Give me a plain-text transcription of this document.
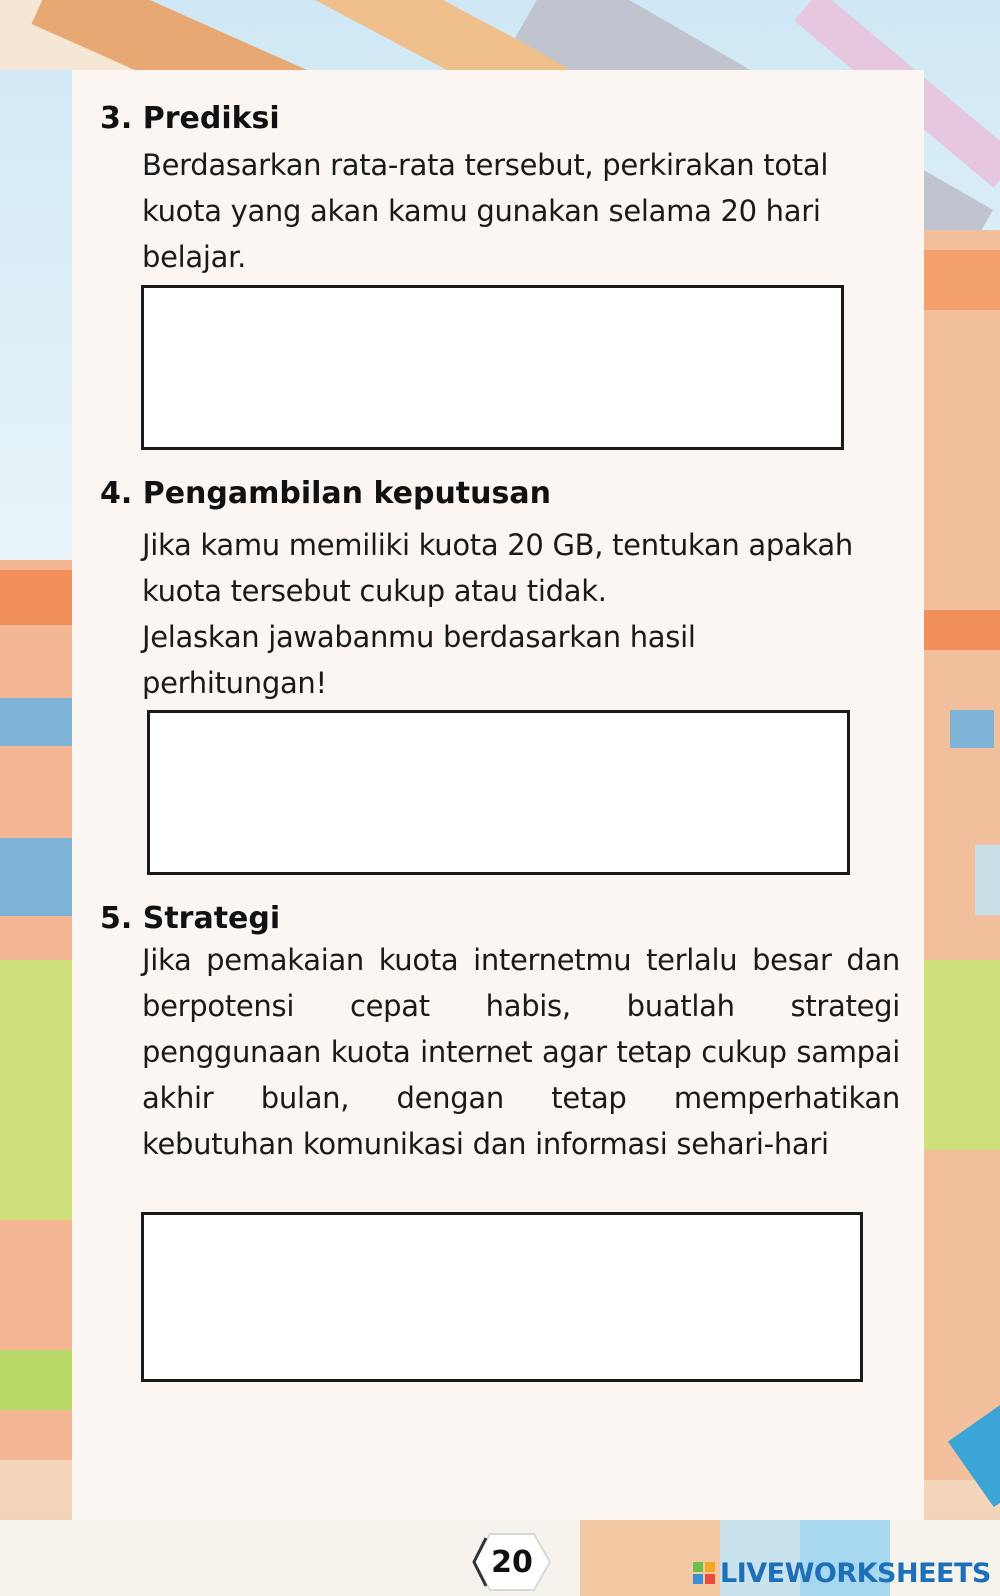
3. Prediksi

Berdasarkan rata-rata tersebut, perkirakan total
kuota yang akan kamu gunakan selama 20 hari
belajar.

4. Pengambilan keputusan

Jika kamu memiliki kuota 20 GB, tentukan apakah
kuota tersebut cukup atau tidak.
Jelaskan jawabanmu berdasarkan hasil
perhitungan!

5. Strategi

Jika pemakaian kuota internetmu terlalu besar dan berpotensi cepat habis, buatlah strategi penggunaan kuota internet agar tetap cukup sampai akhir bulan, dengan tetap memperhatikan kebutuhan komunikasi dan informasi sehari-hari

20	LIVEWORKSHEETS
